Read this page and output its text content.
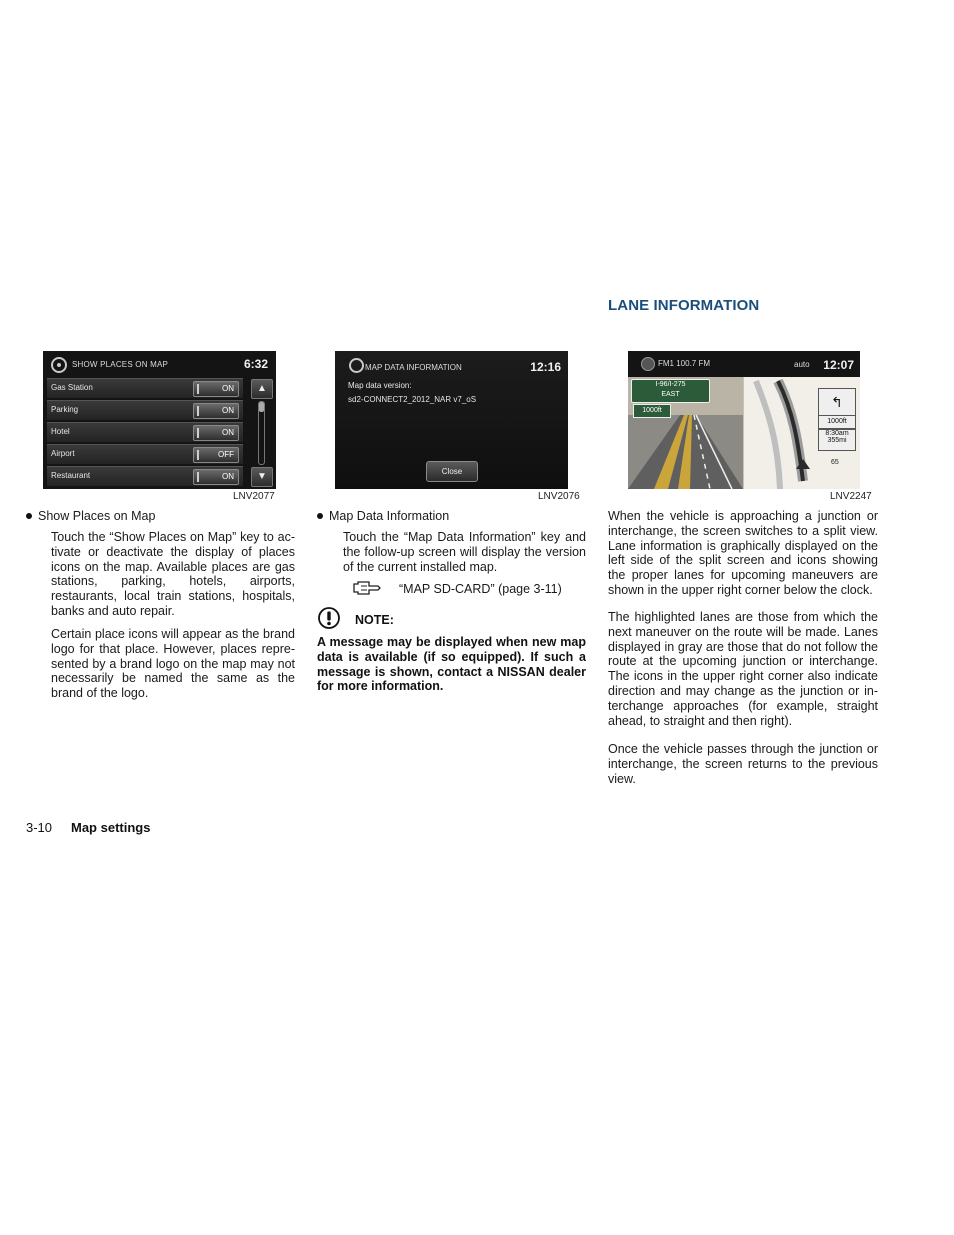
LANE INFORMATION
SHOW PLACES ON MAP	6:32
Gas Station	ON
Parking	ON
Hotel	ON
Airport	OFF
Restaurant	ON
▲
▼
LNV2077
MAP DATA INFORMATION	12:16
Map data version:
sd2-CONNECT2_2012_NAR v7_oS
Close
LNV2076
FM1 100.7 FM	auto 12:07
I-96/I-275
EAST
1000ft
↰
1000ft
8:30am
355mi
65
LNV2247
Show Places on Map
Touch the “Show Places on Map” key to ac- tivate or deactivate the display of places icons on the map. Available places are gas stations, parking, hotels, airports, restaurants, local train stations, hospitals, banks and auto repair.
Certain place icons will appear as the brand logo for that place. However, places repre- sented by a brand logo on the map may not necessarily be named the same as the brand of the logo.
Map Data Information
Touch the “Map Data Information” key and the follow-up screen will display the version of the current installed map.
“MAP SD-CARD” (page 3-11)
NOTE:
A message may be displayed when new map data is available (if so equipped). If such a message is shown, contact a NISSAN dealer for more information.
When the vehicle is approaching a junction or interchange, the screen switches to a split view. Lane information is graphically displayed on the left side of the split screen and icons showing the proper lanes for upcoming maneuvers are shown in the upper right corner below the clock.
The highlighted lanes are those from which the next maneuver on the route will be made. Lanes displayed in gray are those that do not follow the route at the upcoming junction or interchange. The icons in the upper right corner also indicate direction and may change as the junction or in- terchange approaches (for example, straight ahead, to straight and then right).
Once the vehicle passes through the junction or interchange, the screen returns to the previous view.
3-10 Map settings
